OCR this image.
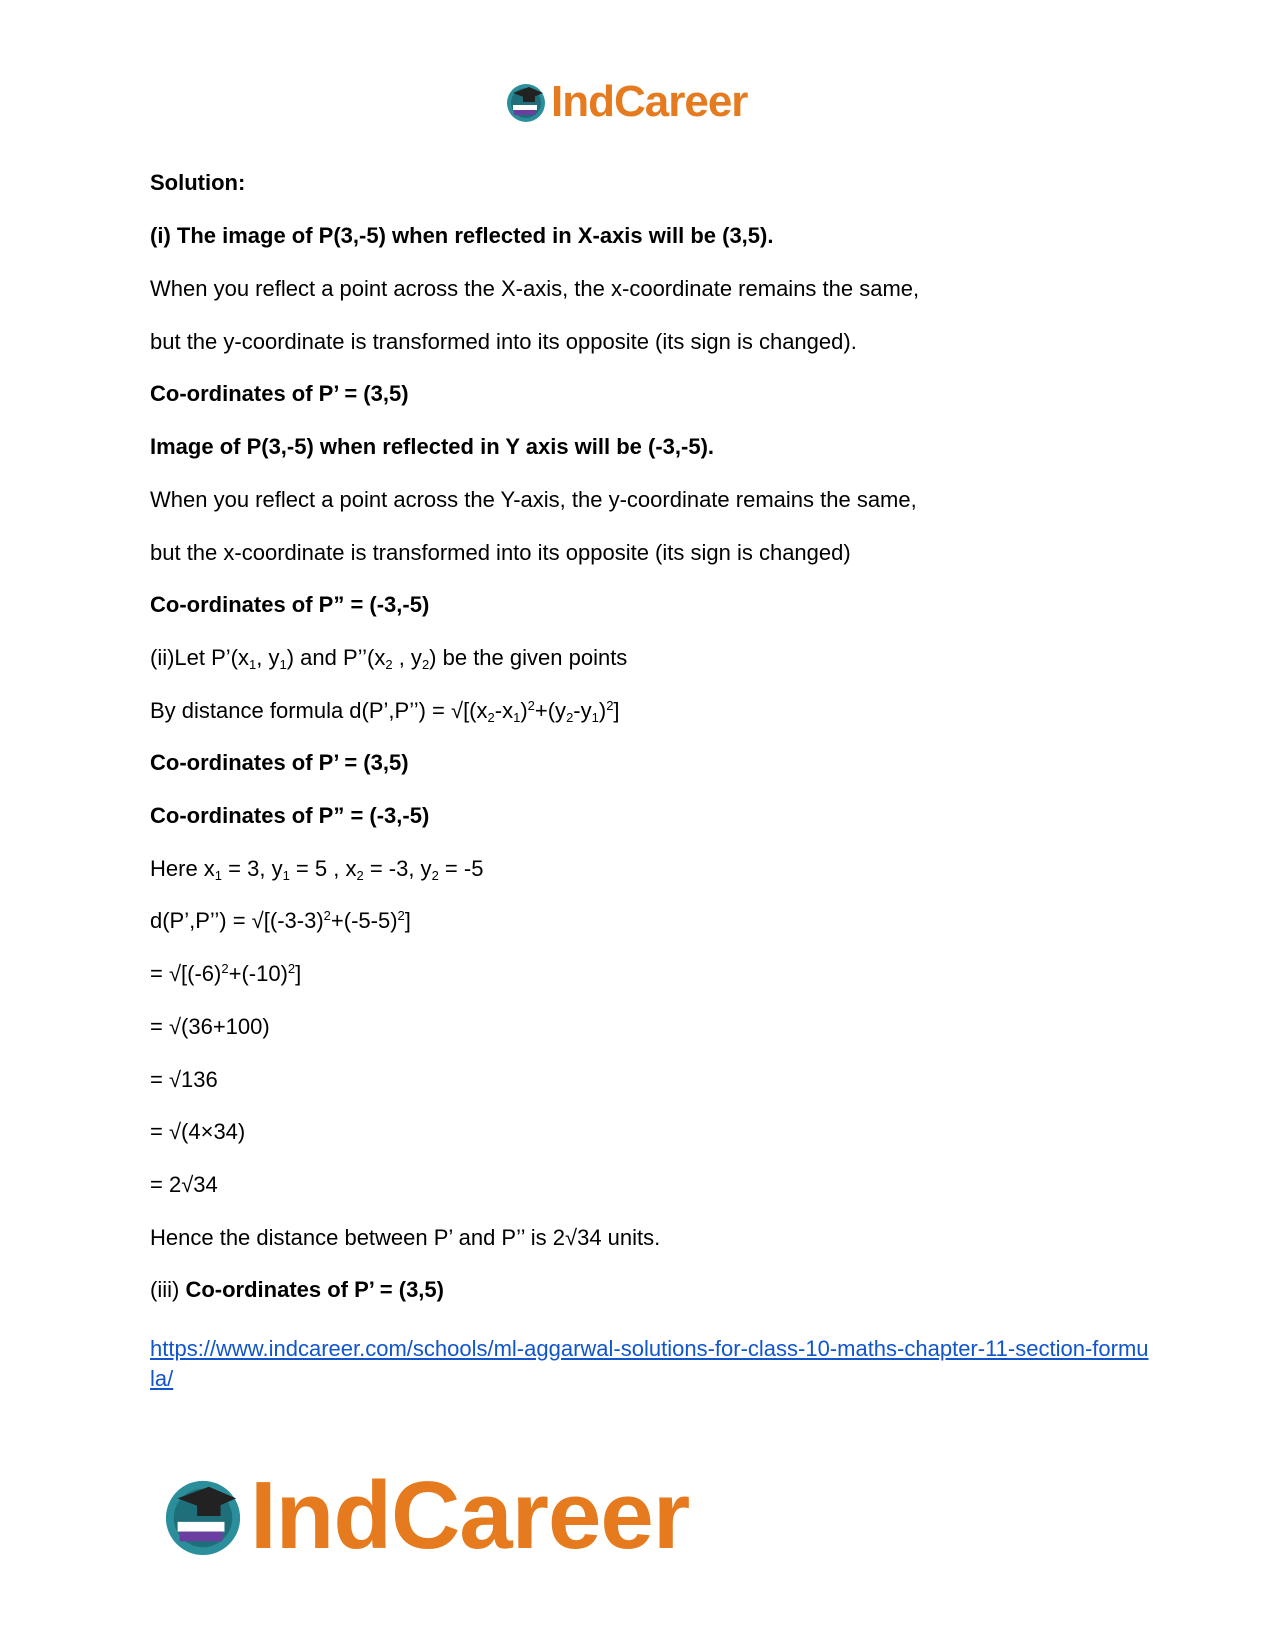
IndCareer
Solution:
(i) The image of P(3,-5) when reflected in X-axis will be (3,5).
When you reflect a point across the X-axis, the x-coordinate remains the same,
but the y-coordinate is transformed into its opposite (its sign is changed).
Co-ordinates of P’ = (3,5)
Image of P(3,-5) when reflected in Y axis will be (-3,-5).
When you reflect a point across the Y-axis, the y-coordinate remains the same,
but the x-coordinate is transformed into its opposite (its sign is changed)
Co-ordinates of P” = (-3,-5)
(ii)Let $P’(x_1$, $y_1$) and $P’’(x_2$ , $y_2$) be the given points
By distance formula d(P’,P’’) = $√[(x_2-x_1)^2+(y_2-y_1)^2]$
Co-ordinates of P’ = (3,5)
Co-ordinates of P” = (-3,-5)
Here $x_1 = 3$, $y_1 = 5$ , $x_2 = -3$, $y_2 = -5$
d(P’,P’’) = $√[(-3-3)^2+(-5-5)^2]$
= $√[(-6)^2+(-10)^2]$
= √(36+100)
= √136
= √(4×34)
= 2√34
Hence the distance between P’ and P’’ is 2√34 units.
(iii) Co-ordinates of P’ = (3,5)
https://www.indcareer.com/schools/ml-aggarwal-solutions-for-class-10-maths-chapter-11-section-formula/
IndCareer
